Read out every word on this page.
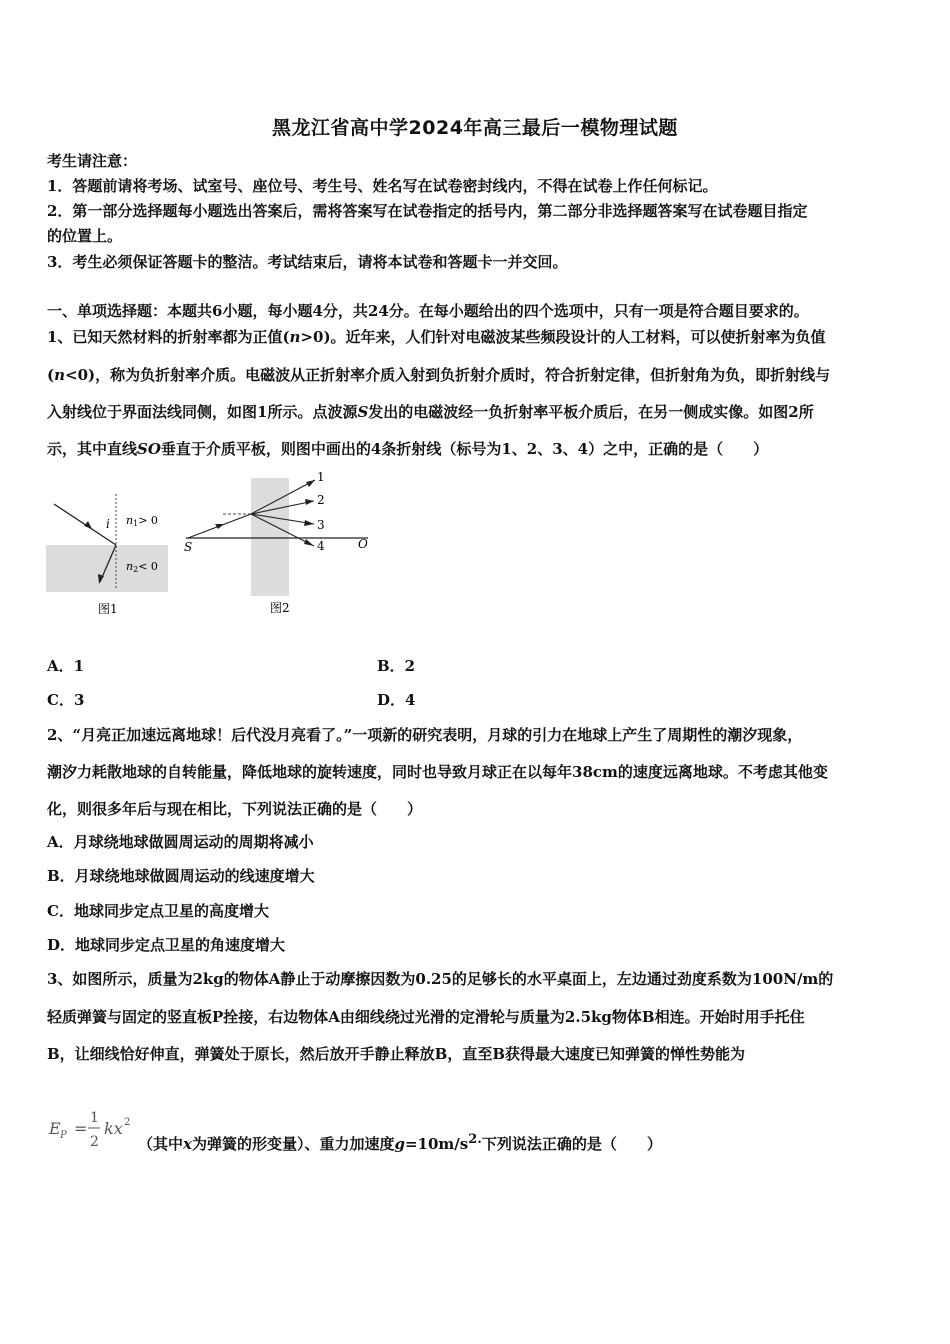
黑龙江省高中学2024年高三最后一模物理试题
考生请注意：
1．答题前请将考场、试室号、座位号、考生号、姓名写在试卷密封线内，不得在试卷上作任何标记。
2．第一部分选择题每小题选出答案后，需将答案写在试卷指定的括号内，第二部分非选择题答案写在试卷题目指定
的位置上。
3．考生必须保证答题卡的整洁。考试结束后，请将本试卷和答题卡一并交回。
一、单项选择题：本题共6小题，每小题4分，共24分。在每小题给出的四个选项中，只有一项是符合题目要求的。
1、已知天然材料的折射率都为正值(n>0)。近年来，人们针对电磁波某些频段设计的人工材料，可以使折射率为负值
(n<0)，称为负折射率介质。电磁波从正折射率介质入射到负折射介质时，符合折射定律，但折射角为负，即折射线与
入射线位于界面法线同侧，如图1所示。点波源S发出的电磁波经一负折射率平板介质后，在另一侧成实像。如图2所
示，其中直线SO垂直于介质平板，则图中画出的4条折射线（标号为1、2、3、4）之中，正确的是（　　）
i n1> 0
n2< 0
图1
1
2
3
4
S	O
图2
A．1	B．2
C．3	D．4
2、“月亮正加速远离地球！后代没月亮看了。”一项新的研究表明，月球的引力在地球上产生了周期性的潮汐现象，
潮汐力耗散地球的自转能量，降低地球的旋转速度，同时也导致月球正在以每年38cm的速度远离地球。不考虑其他变
化，则很多年后与现在相比，下列说法正确的是（　　）
A．月球绕地球做圆周运动的周期将减小
B．月球绕地球做圆周运动的线速度增大
C．地球同步定点卫星的高度增大
D．地球同步定点卫星的角速度增大
3、如图所示，质量为2kg的物体A静止于动摩擦因数为0.25的足够长的水平桌面上，左边通过劲度系数为100N/m的
轻质弹簧与固定的竖直板P拴接，右边物体A由细线绕过光滑的定滑轮与质量为2.5kg物体B相连。开始时用手托住
B，让细线恰好伸直，弹簧处于原长，然后放开手静止释放B，直至B获得最大速度已知弹簧的惮性势能为
E P =
1
2
kx 2
（其中x为弹簧的形变量）、重力加速度$g=10m/s^{2.}$下列说法正确的是（　　）
